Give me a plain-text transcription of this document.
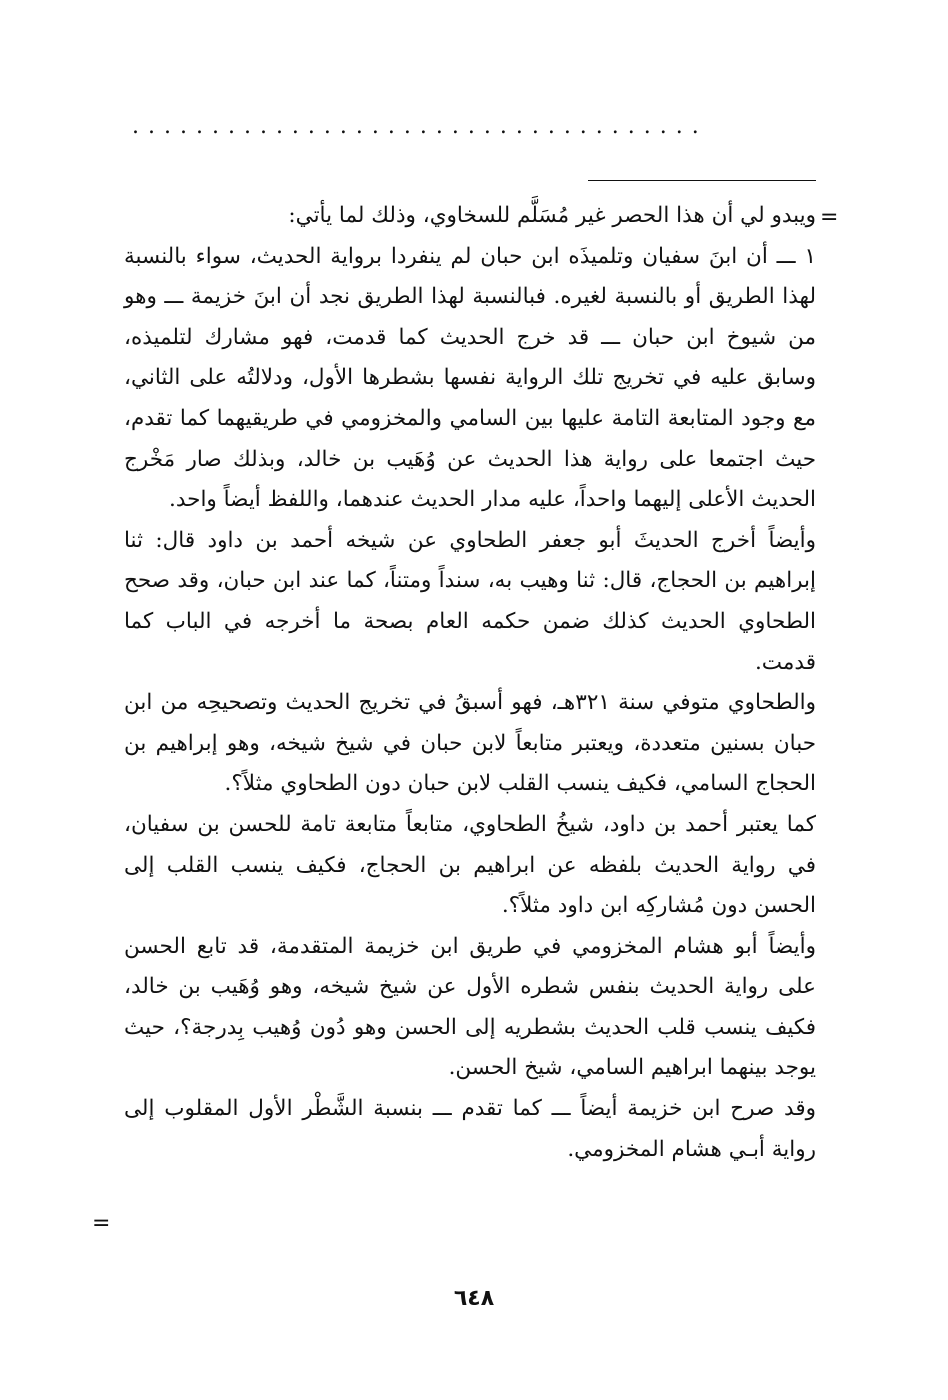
....................................
=

ويبدو لي أن هذا الحصر غير مُسَلَّم للسخاوي، وذلك لما يأتي:

١ ـــ أن ابنَ سفيان وتلميذَه ابن حبان لم ينفردا برواية الحديث، سواء بالنسبة لهذا الطريق أو بالنسبة لغيره. فبالنسبة لهذا الطريق نجد أن ابنَ خزيمة ـــ وهو من شيوخ ابن حبان ـــ قد خرج الحديث كما قدمت، فهو مشارك لتلميذه، وسابق عليه في تخريج تلك الرواية نفسها بشطرها الأول، ودلالتُه على الثاني، مع وجود المتابعة التامة عليها بين السامي والمخزومي في طريقيهما كما تقدم، حيث اجتمعا على رواية هذا الحديث عن وُهَيب بن خالد، وبذلك صار مَخْرج الحديث الأعلى إليهما واحداً، عليه مدار الحديث عندهما، واللفظ أيضاً واحد.

وأيضاً أخرج الحديثَ أبو جعفر الطحاوي عن شيخه أحمد بن داود قال: ثنا إبراهيم بن الحجاج، قال: ثنا وهيب به، سنداً ومتناً، كما عند ابن حبان، وقد صحح الطحاوي الحديث كذلك ضمن حكمه العام بصحة ما أخرجه في الباب كما قدمت.

والطحاوي متوفي سنة ٣٢١هـ، فهو أسبقُ في تخريج الحديث وتصحيحِه من ابن حبان بسنين متعددة، ويعتبر متابعاً لابن حبان في شيخ شيخه، وهو إبراهيم بن الحجاج السامي، فكيف ينسب القلب لابن حبان دون الطحاوي مثلاً؟.

كما يعتبر أحمد بن داود، شيخُ الطحاوي، متابعاً متابعة تامة للحسن بن سفيان، في رواية الحديث بلفظه عن ابراهيم بن الحجاج، فكيف ينسب القلب إلى الحسن دون مُشاركِه ابن داود مثلاً؟.

وأيضاً أبو هشام المخزومي في طريق ابن خزيمة المتقدمة، قد تابع الحسن على رواية الحديث بنفس شطره الأول عن شيخ شيخه، وهو وُهَيب بن خالد، فكيف ينسب قلب الحديث بشطريه إلى الحسن وهو دُون وُهيب بِدرجة؟، حيث يوجد بينهما ابراهيم السامي، شيخ الحسن.

وقد صرح ابن خزيمة أيضاً ـــ كما تقدم ـــ بنسبة الشَّطْر الأول المقلوب إلى رواية أبـي هشام المخزومي.

=
٦٤٨
